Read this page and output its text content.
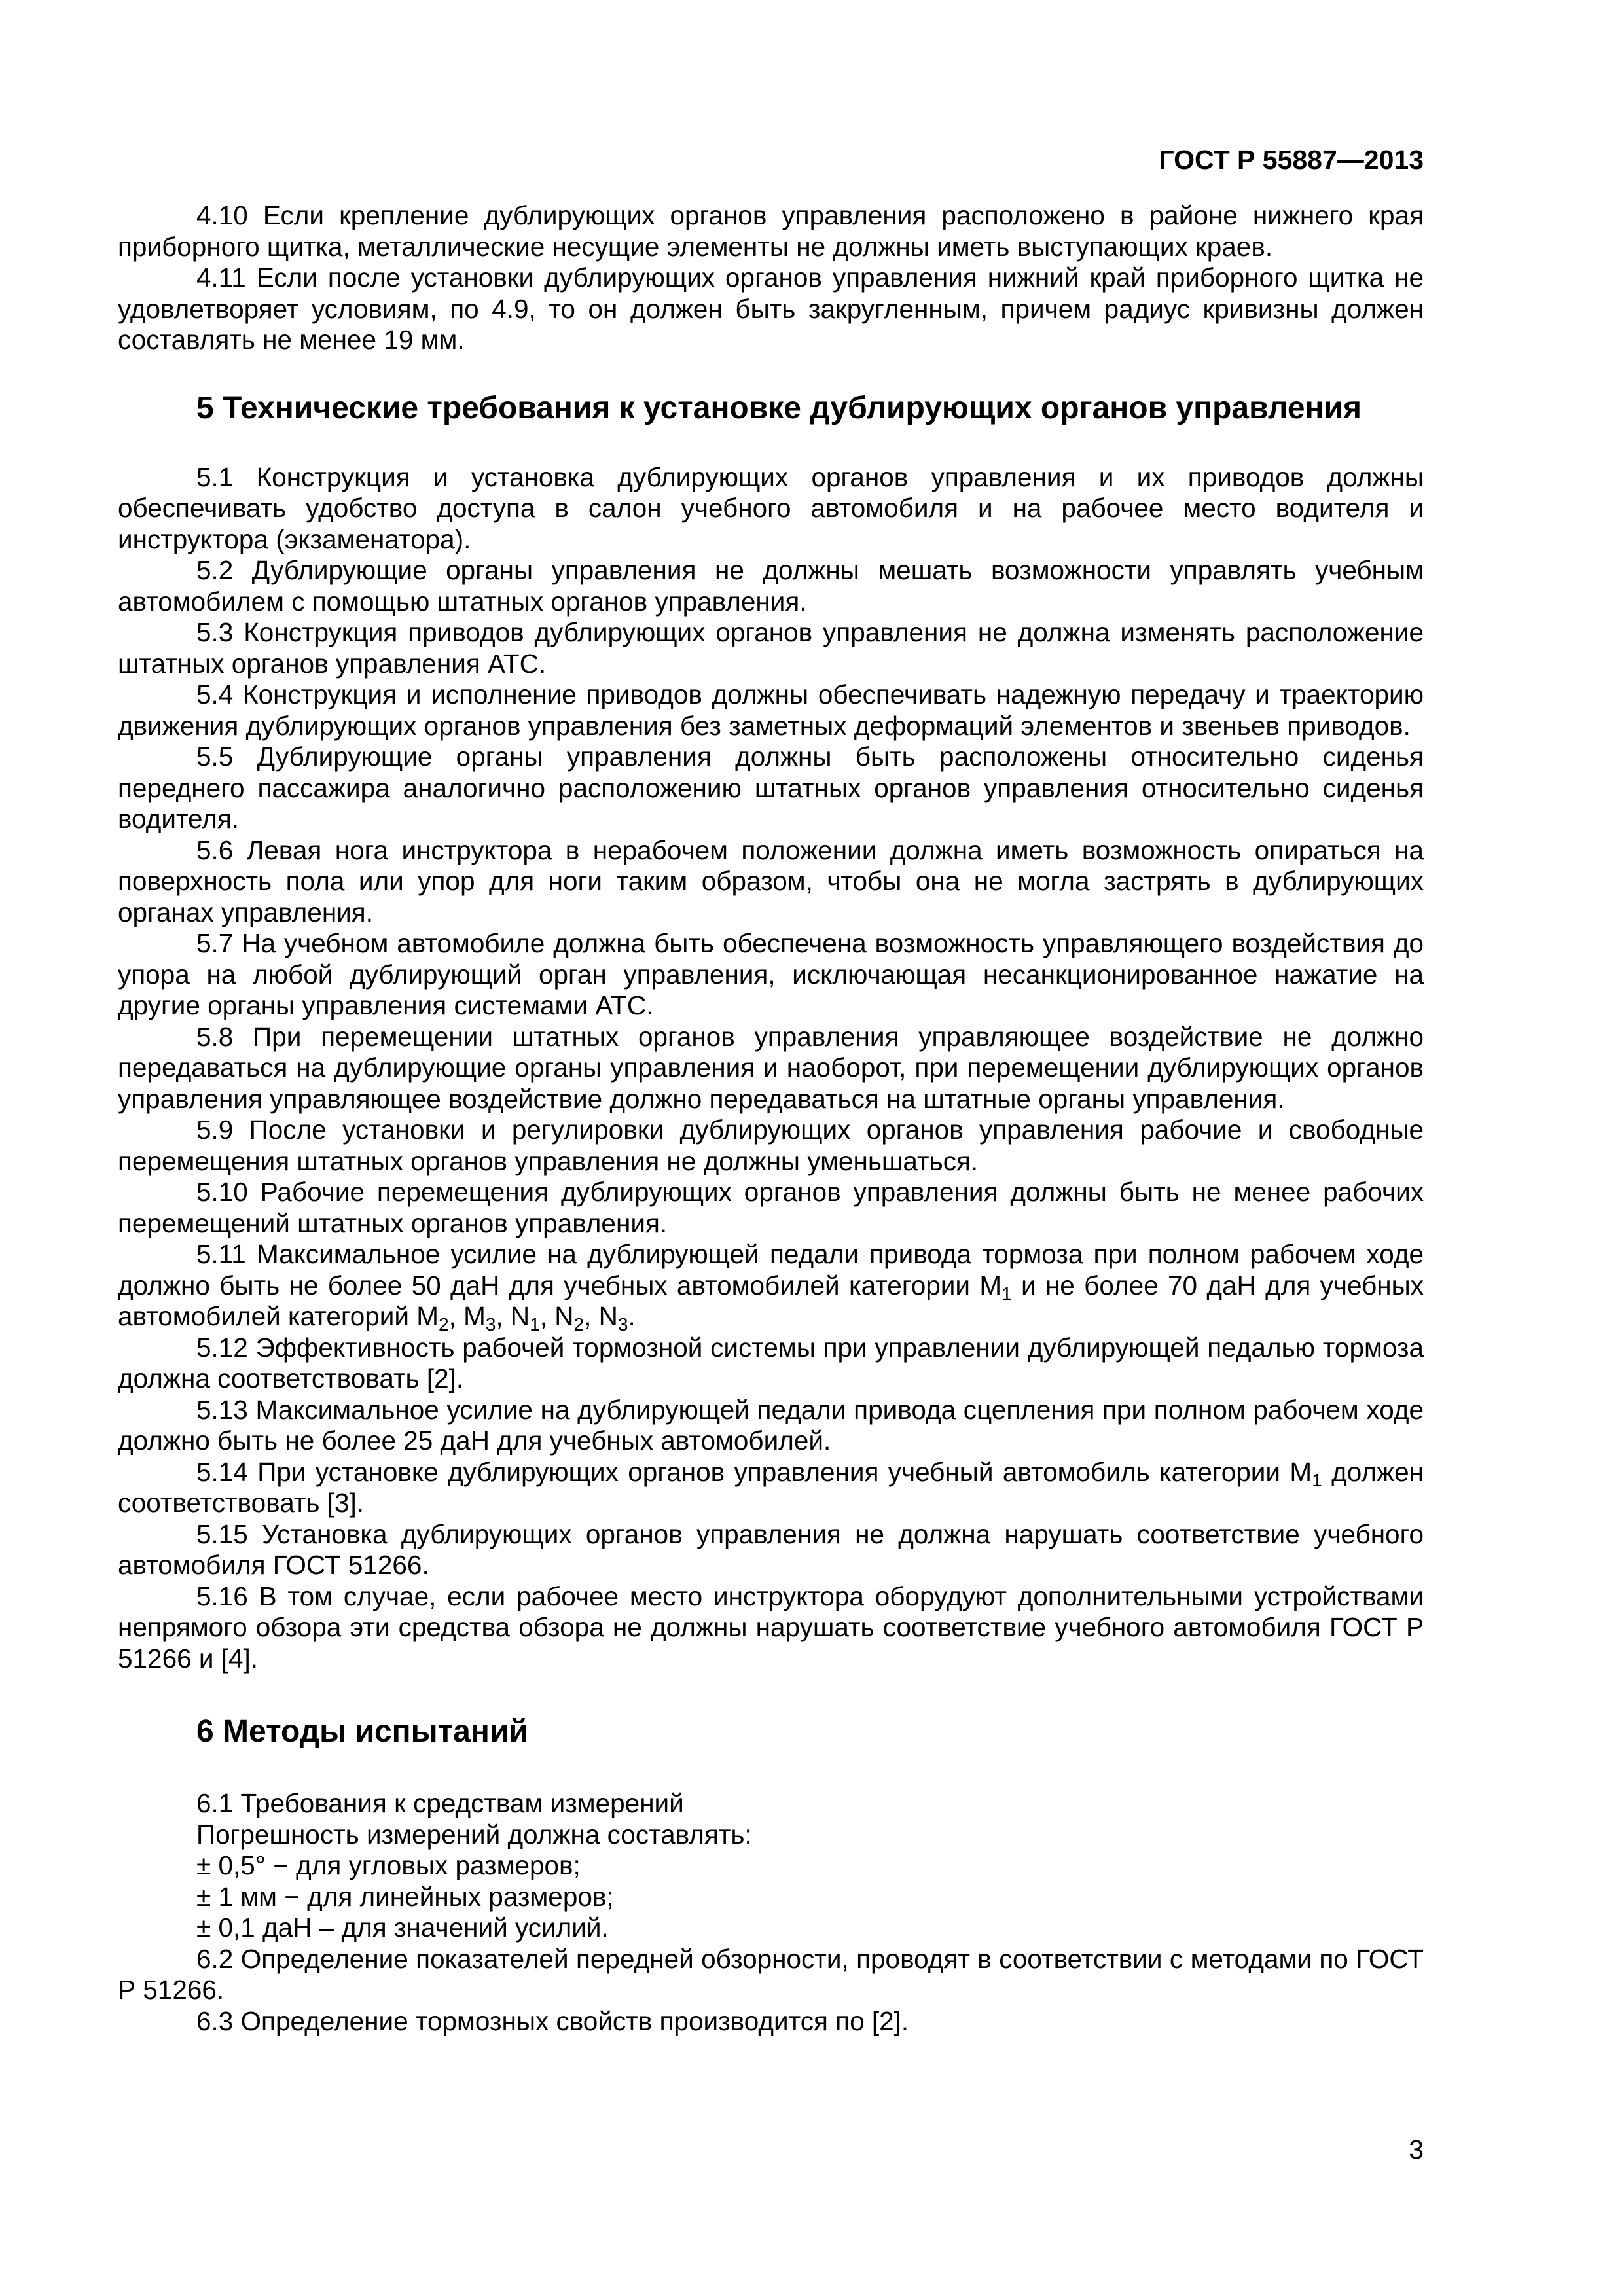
ГОСТ Р 55887—2013

4.10 Если крепление дублирующих органов управления расположено в районе нижнего края приборного щитка, металлические несущие элементы не должны иметь выступающих краев.

4.11 Если после установки дублирующих органов управления нижний край приборного щитка не удовлетворяет условиям, по 4.9, то он должен быть закругленным, причем радиус кривизны должен составлять не менее 19 мм.

5 Технические требования к установке дублирующих органов управления

5.1 Конструкция и установка дублирующих органов управления и их приводов должны обеспечивать удобство доступа в салон учебного автомобиля и на рабочее место водителя и инструктора (экзаменатора).

5.2 Дублирующие органы управления не должны мешать возможности управлять учебным автомобилем с помощью штатных органов управления.

5.3 Конструкция приводов дублирующих органов управления не должна изменять расположение штатных органов управления АТС.

5.4 Конструкция и исполнение приводов должны обеспечивать надежную передачу и траекторию движения дублирующих органов управления без заметных деформаций элементов и звеньев приводов.

5.5 Дублирующие органы управления должны быть расположены относительно сиденья переднего пассажира аналогично расположению штатных органов управления относительно сиденья водителя.

5.6 Левая нога инструктора в нерабочем положении должна иметь возможность опираться на поверхность пола или упор для ноги таким образом, чтобы она не могла застрять в дублирующих органах управления.

5.7 На учебном автомобиле должна быть обеспечена возможность управляющего воздействия до упора на любой дублирующий орган управления, исключающая несанкционированное нажатие на другие органы управления системами АТС.

5.8 При перемещении штатных органов управления управляющее воздействие не должно передаваться на дублирующие органы управления и наоборот, при перемещении дублирующих органов управления управляющее воздействие должно передаваться на штатные органы управления.

5.9 После установки и регулировки дублирующих органов управления рабочие и свободные перемещения штатных органов управления не должны уменьшаться.

5.10 Рабочие перемещения дублирующих органов управления должны быть не менее рабочих перемещений штатных органов управления.

5.11 Максимальное усилие на дублирующей педали привода тормоза при полном рабочем ходе должно быть не более 50 даН для учебных автомобилей категории $М_1$ и не более 70 даН для учебных автомобилей категорий $М_2$, $М_3$, $N_1$, $N_2$, $N_3$.

5.12 Эффективность рабочей тормозной системы при управлении дублирующей педалью тормоза должна соответствовать [2].

5.13 Максимальное усилие на дублирующей педали привода сцепления при полном рабочем ходе должно быть не более 25 даН для учебных автомобилей.

5.14 При установке дублирующих органов управления учебный автомобиль категории $М_1$ должен соответствовать [3].

5.15 Установка дублирующих органов управления не должна нарушать соответствие учебного автомобиля ГОСТ 51266.

5.16 В том случае, если рабочее место инструктора оборудуют дополнительными устройствами непрямого обзора эти средства обзора не должны нарушать соответствие учебного автомобиля ГОСТ Р 51266 и [4].

6 Методы испытаний

6.1 Требования к средствам измерений

Погрешность измерений должна составлять:

± 0,5° − для угловых размеров;

± 1 мм − для линейных размеров;

± 0,1 даН – для значений усилий.

6.2 Определение показателей передней обзорности, проводят в соответствии с методами по ГОСТ Р 51266.

6.3 Определение тормозных свойств производится по [2].

3
